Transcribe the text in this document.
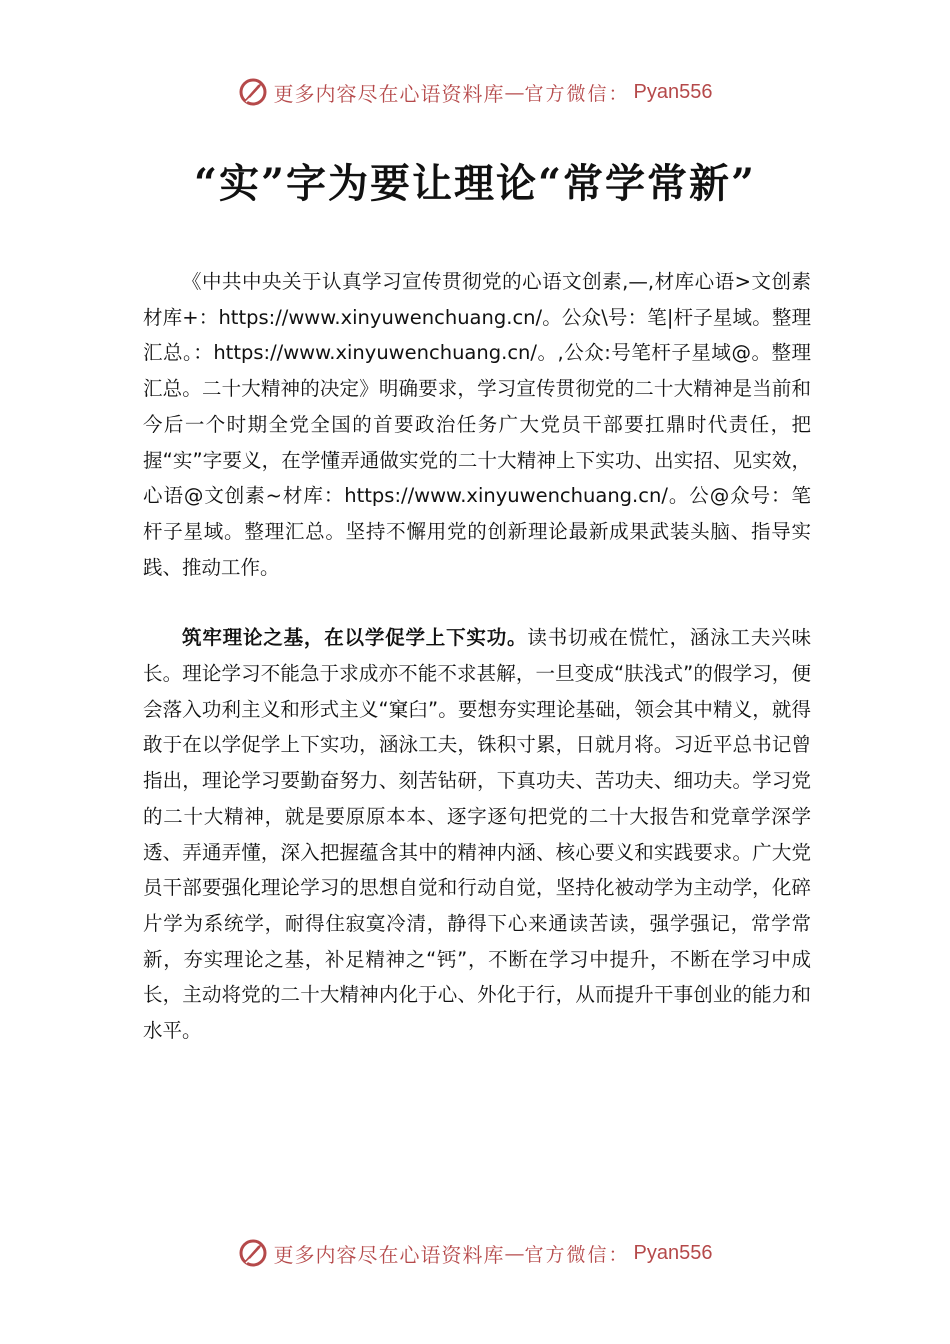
更多内容尽在心语资料库 — 官方微信： Pyan556
“实”字为要让理论“常学常新”

《中共中央关于认真学习宣传贯彻党的心语文创素,—,材库心语>文创素材库+：https://www.xinyuwenchuang.cn/。公众\号：笔|杆子星域。整理汇总。：https://www.xinyuwenchuang.cn/。,公众:号笔杆子星域@。整理汇总。二十大精神的决定》明确要求，学习宣传贯彻党的二十大精神是当前和今后一个时期全党全国的首要政治任务广大党员干部要扛鼎时代责任，把握“实”字要义，在学懂弄通做实党的二十大精神上下实功、出实招、见实效，心语@文创素~材库：https://www.xinyuwenchuang.cn/。公@众号：笔杆子星域。整理汇总。坚持不懈用党的创新理论最新成果武装头脑、指导实践、推动工作。

筑牢理论之基，在以学促学上下实功。读书切戒在慌忙，涵泳工夫兴味长。理论学习不能急于求成亦不能不求甚解，一旦变成“肤浅式”的假学习，便会落入功利主义和形式主义“窠臼”。要想夯实理论基础，领会其中精义，就得敢于在以学促学上下实功，涵泳工夫，铢积寸累，日就月将。习近平总书记曾指出，理论学习要勤奋努力、刻苦钻研，下真功夫、苦功夫、细功夫。学习党的二十大精神，就是要原原本本、逐字逐句把党的二十大报告和党章学深学透、弄通弄懂，深入把握蕴含其中的精神内涵、核心要义和实践要求。广大党员干部要强化理论学习的思想自觉和行动自觉，坚持化被动学为主动学，化碎片学为系统学，耐得住寂寞冷清，静得下心来通读苦读，强学强记，常学常新，夯实理论之基，补足精神之“钙”，不断在学习中提升，不断在学习中成长，主动将党的二十大精神内化于心、外化于行，从而提升干事创业的能力和水平。

更多内容尽在心语资料库 — 官方微信： Pyan556
